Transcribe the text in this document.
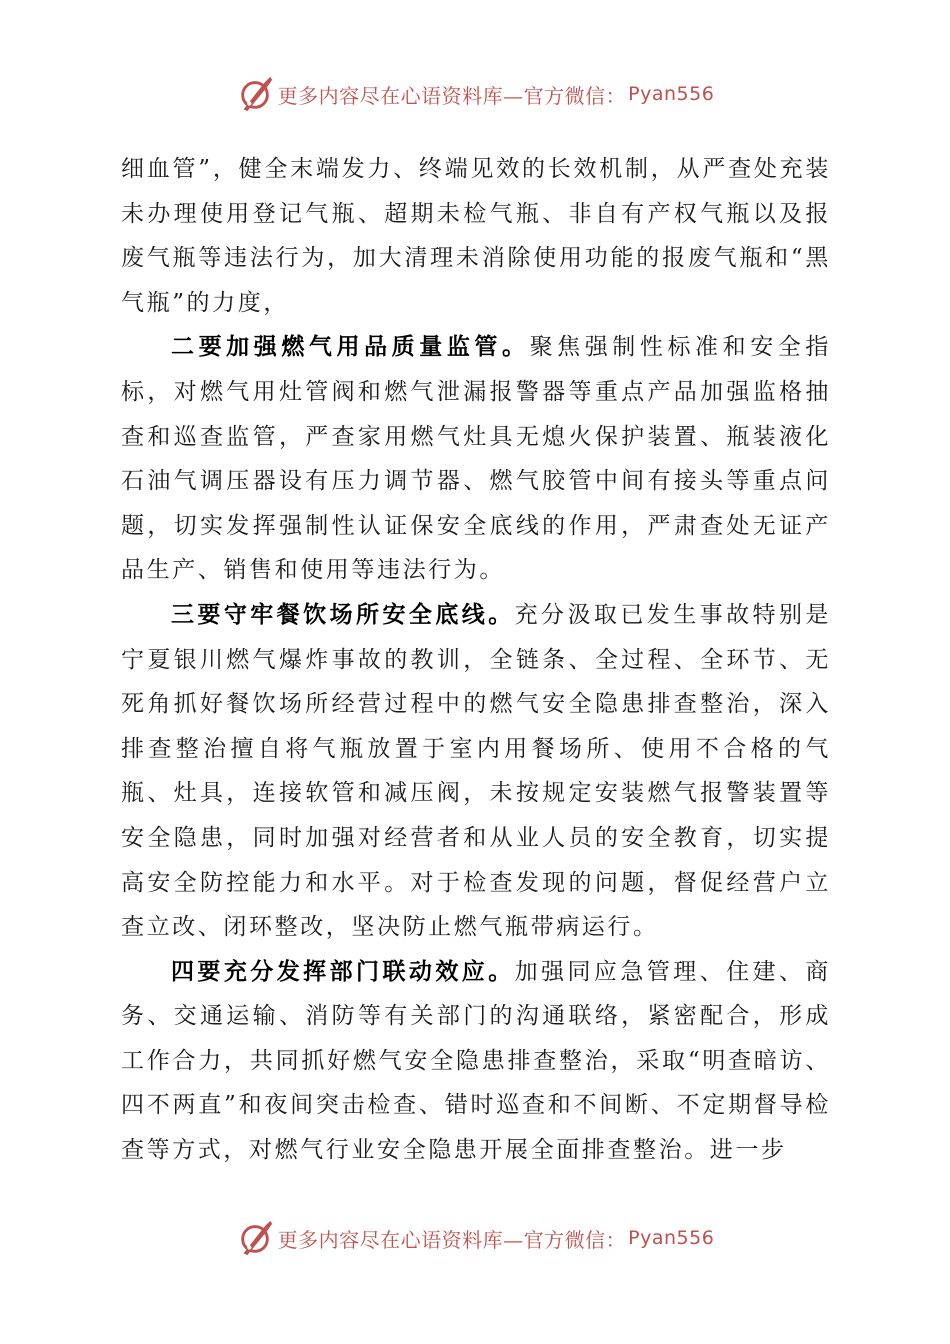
更多内容尽在心语资料库—官方微信： Pyan556

细血管”，健全末端发力、终端见效的长效机制，从严查处充装未办理使用登记气瓶、超期未检气瓶、非自有产权气瓶以及报废气瓶等违法行为，加大清理未消除使用功能的报废气瓶和“黑气瓶”的力度，

二要加强燃气用品质量监管。聚焦强制性标准和安全指标，对燃气用灶管阀和燃气泄漏报警器等重点产品加强监格抽查和巡查监管，严查家用燃气灶具无熄火保护装置、瓶装液化石油气调压器设有压力调节器、燃气胶管中间有接头等重点问题，切实发挥强制性认证保安全底线的作用，严肃查处无证产品生产、销售和使用等违法行为。

三要守牢餐饮场所安全底线。充分汲取已发生事故特别是宁夏银川燃气爆炸事故的教训，全链条、全过程、全环节、无死角抓好餐饮场所经营过程中的燃气安全隐患排查整治，深入排查整治擅自将气瓶放置于室内用餐场所、使用不合格的气瓶、灶具，连接软管和减压阀，未按规定安装燃气报警装置等安全隐患，同时加强对经营者和从业人员的安全教育，切实提高安全防控能力和水平。对于检查发现的问题，督促经营户立查立改、闭环整改，坚决防止燃气瓶带病运行。

四要充分发挥部门联动效应。加强同应急管理、住建、商务、交通运输、消防等有关部门的沟通联络，紧密配合，形成工作合力，共同抓好燃气安全隐患排查整治，采取“明查暗访、四不两直”和夜间突击检查、错时巡查和不间断、不定期督导检查等方式，对燃气行业安全隐患开展全面排查整治。进一步

更多内容尽在心语资料库—官方微信： Pyan556
